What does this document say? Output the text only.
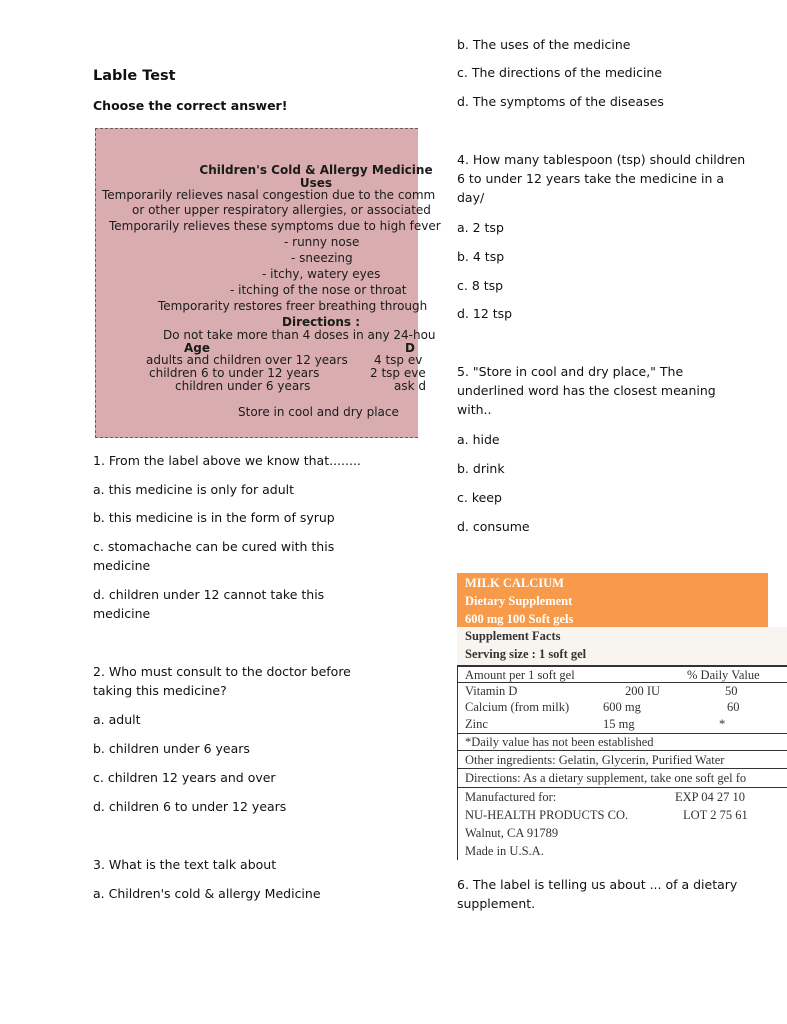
Lable Test
Choose the correct answer!
Children's Cold & Allergy Medicine
Uses
Temporarily relieves nasal congestion due to the comm
or other upper respiratory allergies, or associated
Temporarily relieves these symptoms due to high fever
- runny nose
- sneezing
- itchy, watery eyes
- itching of the nose or throat
Temporarity restores freer breathing through
Directions :
Do not take more than 4 doses in any 24-hou
Age	D
adults and children over 12 years 4 tsp ev
children 6 to under 12 years	2 tsp eve
children under 6 years	ask d
Store in cool and dry place
1. From the label above we know that........
a. this medicine is only for adult
b. this medicine is in the form of syrup
c. stomachache can be cured with this medicine
d. children under 12 cannot take this medicine
2. Who must consult to the doctor before taking this medicine?
a. adult
b. children under 6 years
c. children 12 years and over
d. children 6 to under 12 years
3. What is the text talk about
a. Children's cold & allergy Medicine
b. The uses of the medicine
c. The directions of the medicine
d. The symptoms of the diseases
4. How many tablespoon (tsp) should children 6 to under 12 years take the medicine in a day/
a. 2 tsp
b. 4 tsp
c. 8 tsp
d. 12 tsp
5. "Store in cool and dry place," The underlined word has the closest meaning with..
a. hide
b. drink
c. keep
d. consume
MILK CALCIUM
Dietary Supplement
600 mg 100 Soft gels
Supplement Facts
Serving size : 1 soft gel
Amount per 1 soft gel	% Daily Value
Vitamin D	200 IU	50
Calcium (from milk)	600 mg	60
Zinc	15 mg	*
*Daily value has not been established
Other ingredients: Gelatin, Glycerin, Purified Water
Directions: As a dietary supplement, take one soft gel fo
Manufactured for:	EXP 04 27 10
NU-HEALTH PRODUCTS CO.	LOT 2 75 61
Walnut, CA 91789
Made in U.S.A.
6. The label is telling us about ... of a dietary supplement.
